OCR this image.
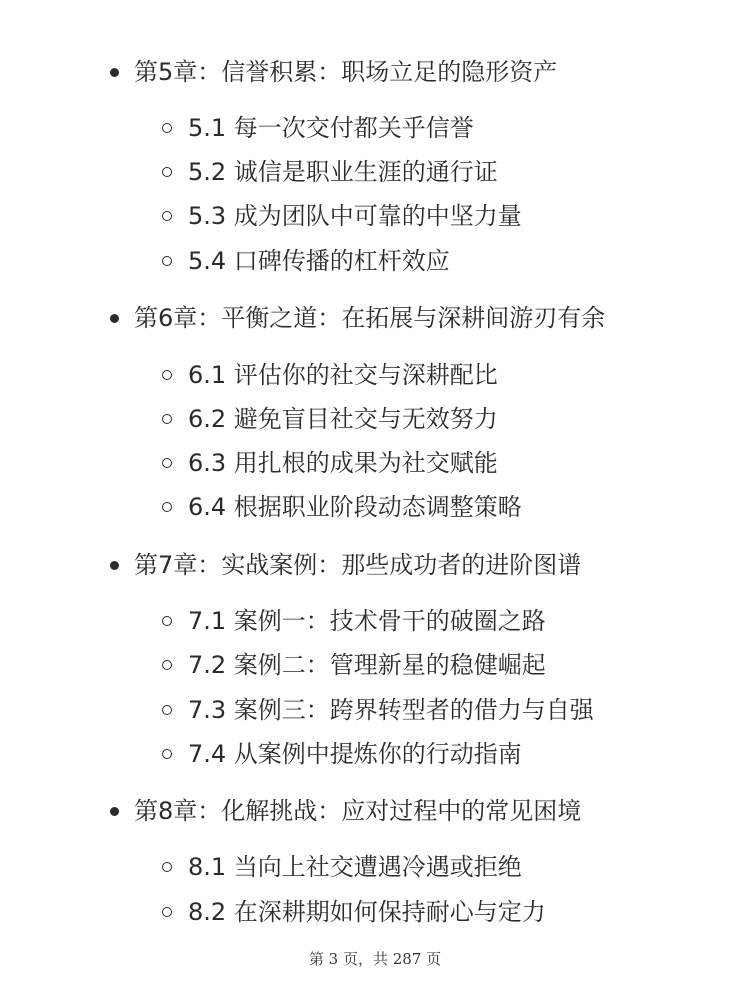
第5章：信誉积累：职场立足的隐形资产
5.1 每一次交付都关乎信誉
5.2 诚信是职业生涯的通行证
5.3 成为团队中可靠的中坚力量
5.4 口碑传播的杠杆效应
第6章：平衡之道：在拓展与深耕间游刃有余
6.1 评估你的社交与深耕配比
6.2 避免盲目社交与无效努力
6.3 用扎根的成果为社交赋能
6.4 根据职业阶段动态调整策略
第7章：实战案例：那些成功者的进阶图谱
7.1 案例一：技术骨干的破圈之路
7.2 案例二：管理新星的稳健崛起
7.3 案例三：跨界转型者的借力与自强
7.4 从案例中提炼你的行动指南
第8章：化解挑战：应对过程中的常见困境
8.1 当向上社交遭遇冷遇或拒绝
8.2 在深耕期如何保持耐心与定力
第 3 页，共 287 页
